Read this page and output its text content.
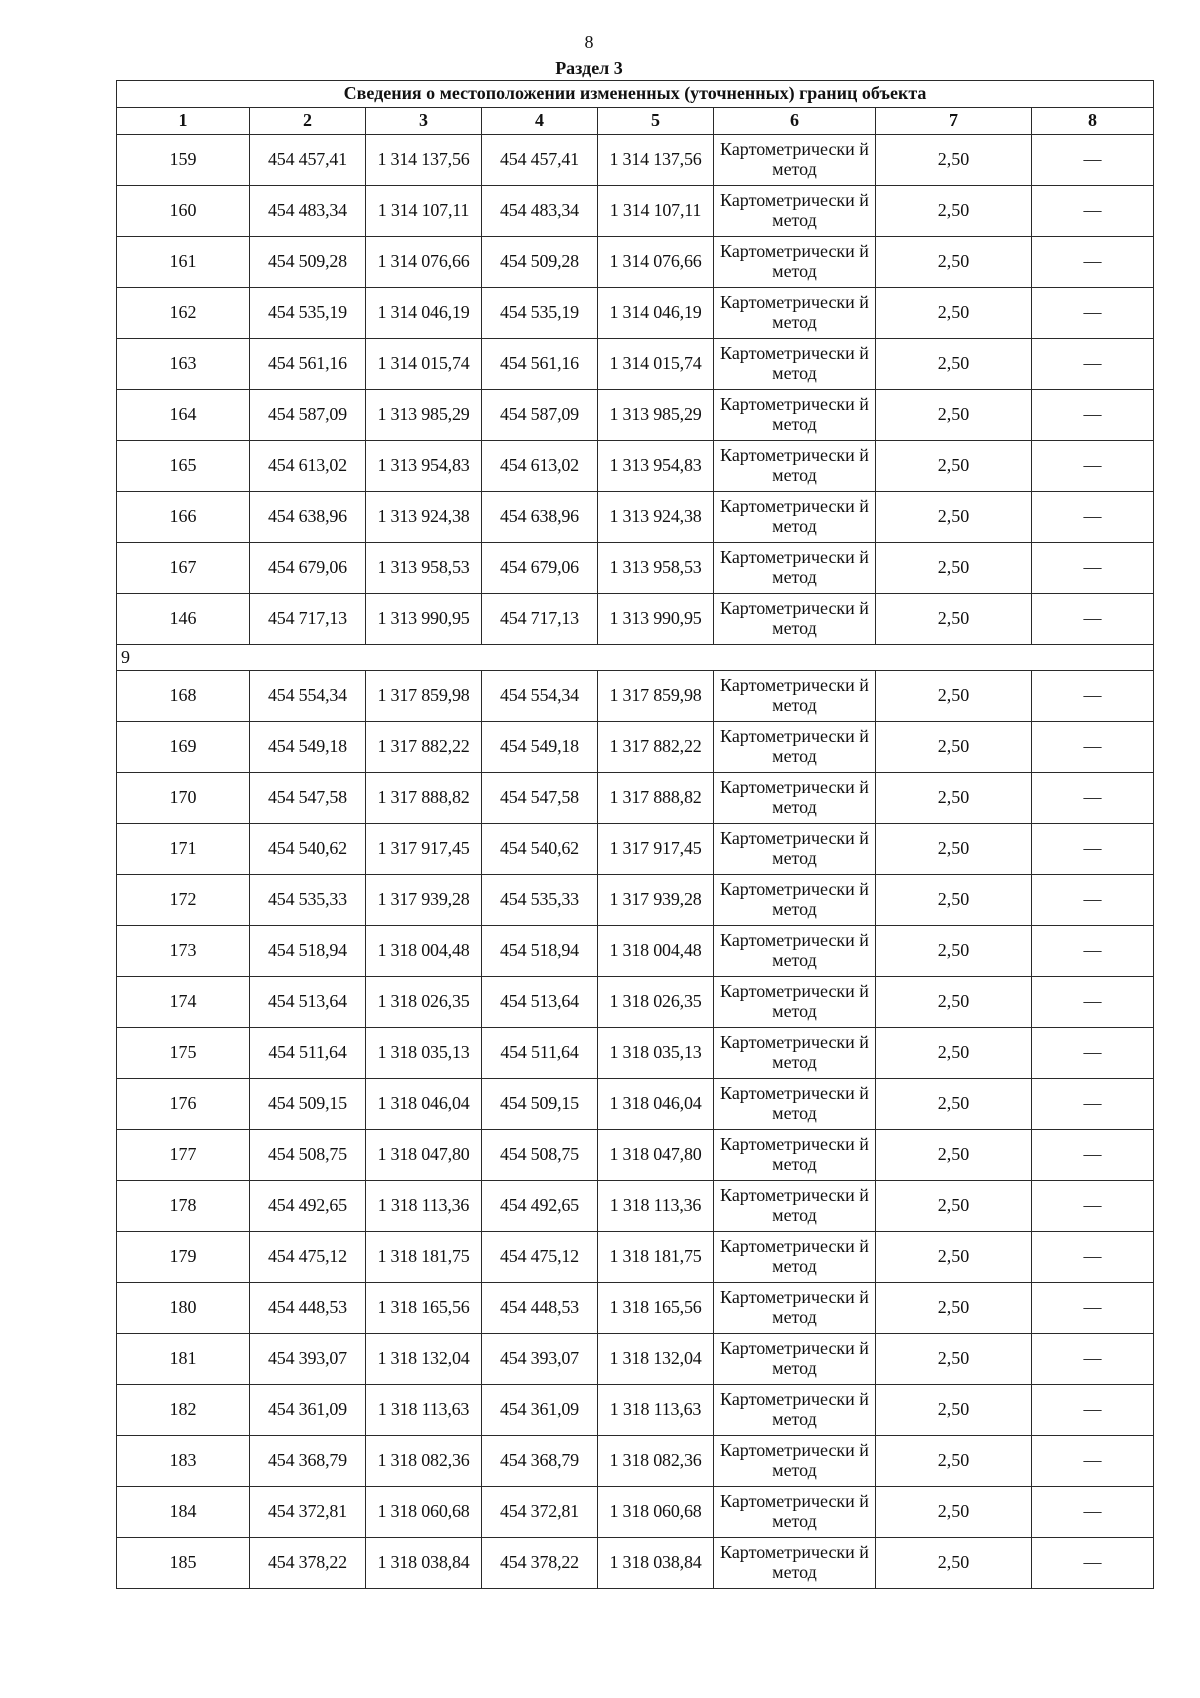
8
Раздел 3
Сведения о местоположении измененных (уточненных) границ объекта							
1	2	3	4	5	6	7	8
159	454 457,41	1 314 137,56	454 457,41	1 314 137,56	Картометрически й метод	2,50	—
160	454 483,34	1 314 107,11	454 483,34	1 314 107,11	Картометрически й метод	2,50	—
161	454 509,28	1 314 076,66	454 509,28	1 314 076,66	Картометрически й метод	2,50	—
162	454 535,19	1 314 046,19	454 535,19	1 314 046,19	Картометрически й метод	2,50	—
163	454 561,16	1 314 015,74	454 561,16	1 314 015,74	Картометрически й метод	2,50	—
164	454 587,09	1 313 985,29	454 587,09	1 313 985,29	Картометрически й метод	2,50	—
165	454 613,02	1 313 954,83	454 613,02	1 313 954,83	Картометрически й метод	2,50	—
166	454 638,96	1 313 924,38	454 638,96	1 313 924,38	Картометрически й метод	2,50	—
167	454 679,06	1 313 958,53	454 679,06	1 313 958,53	Картометрически й метод	2,50	—
146	454 717,13	1 313 990,95	454 717,13	1 313 990,95	Картометрически й метод	2,50	—
9							
168	454 554,34	1 317 859,98	454 554,34	1 317 859,98	Картометрически й метод	2,50	—
169	454 549,18	1 317 882,22	454 549,18	1 317 882,22	Картометрически й метод	2,50	—
170	454 547,58	1 317 888,82	454 547,58	1 317 888,82	Картометрически й метод	2,50	—
171	454 540,62	1 317 917,45	454 540,62	1 317 917,45	Картометрически й метод	2,50	—
172	454 535,33	1 317 939,28	454 535,33	1 317 939,28	Картометрически й метод	2,50	—
173	454 518,94	1 318 004,48	454 518,94	1 318 004,48	Картометрически й метод	2,50	—
174	454 513,64	1 318 026,35	454 513,64	1 318 026,35	Картометрически й метод	2,50	—
175	454 511,64	1 318 035,13	454 511,64	1 318 035,13	Картометрически й метод	2,50	—
176	454 509,15	1 318 046,04	454 509,15	1 318 046,04	Картометрически й метод	2,50	—
177	454 508,75	1 318 047,80	454 508,75	1 318 047,80	Картометрически й метод	2,50	—
178	454 492,65	1 318 113,36	454 492,65	1 318 113,36	Картометрически й метод	2,50	—
179	454 475,12	1 318 181,75	454 475,12	1 318 181,75	Картометрически й метод	2,50	—
180	454 448,53	1 318 165,56	454 448,53	1 318 165,56	Картометрически й метод	2,50	—
181	454 393,07	1 318 132,04	454 393,07	1 318 132,04	Картометрически й метод	2,50	—
182	454 361,09	1 318 113,63	454 361,09	1 318 113,63	Картометрически й метод	2,50	—
183	454 368,79	1 318 082,36	454 368,79	1 318 082,36	Картометрически й метод	2,50	—
184	454 372,81	1 318 060,68	454 372,81	1 318 060,68	Картометрически й метод	2,50	—
185	454 378,22	1 318 038,84	454 378,22	1 318 038,84	Картометрически й метод	2,50	—
